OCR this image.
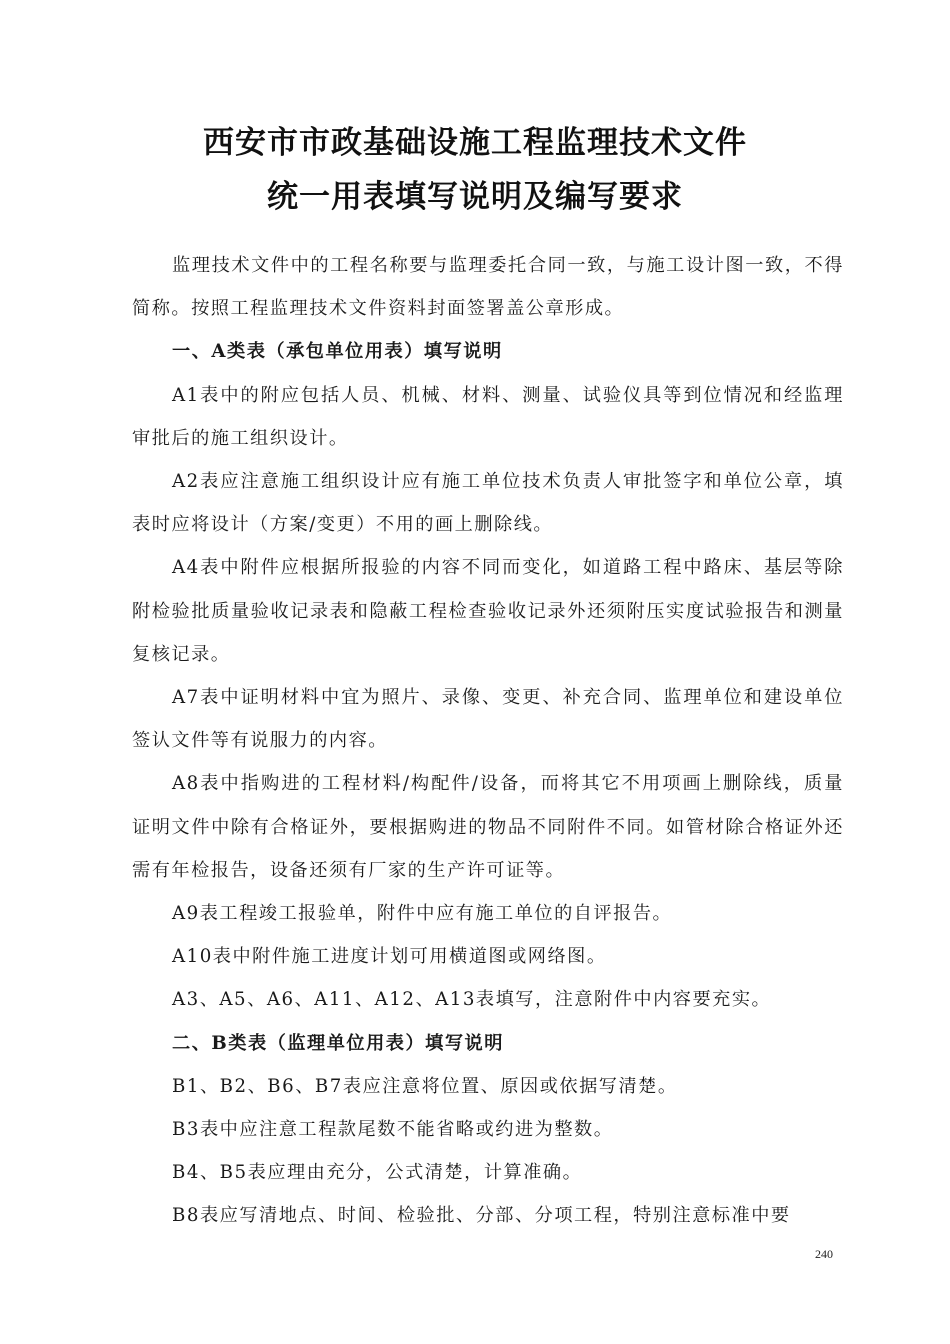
西安市市政基础设施工程监理技术文件
统一用表填写说明及编写要求

监理技术文件中的工程名称要与监理委托合同一致，与施工设计图一致，不得简称。按照工程监理技术文件资料封面签署盖公章形成。

一、A类表（承包单位用表）填写说明

A1表中的附应包括人员、机械、材料、测量、试验仪具等到位情况和经监理审批后的施工组织设计。

A2表应注意施工组织设计应有施工单位技术负责人审批签字和单位公章，填表时应将设计（方案/变更）不用的画上删除线。

A4表中附件应根据所报验的内容不同而变化，如道路工程中路床、基层等除附检验批质量验收记录表和隐蔽工程检查验收记录外还须附压实度试验报告和测量复核记录。

A7表中证明材料中宜为照片、录像、变更、补充合同、监理单位和建设单位签认文件等有说服力的内容。

A8表中指购进的工程材料/构配件/设备，而将其它不用项画上删除线，质量证明文件中除有合格证外，要根据购进的物品不同附件不同。如管材除合格证外还需有年检报告，设备还须有厂家的生产许可证等。

A9表工程竣工报验单，附件中应有施工单位的自评报告。

A10表中附件施工进度计划可用横道图或网络图。

A3、A5、A6、A11、A12、A13表填写，注意附件中内容要充实。

二、B类表（监理单位用表）填写说明

B1、B2、B6、B7表应注意将位置、原因或依据写清楚。

B3表中应注意工程款尾数不能省略或约进为整数。

B4、B5表应理由充分，公式清楚，计算准确。

B8表应写清地点、时间、检验批、分部、分项工程，特别注意标准中要

240
